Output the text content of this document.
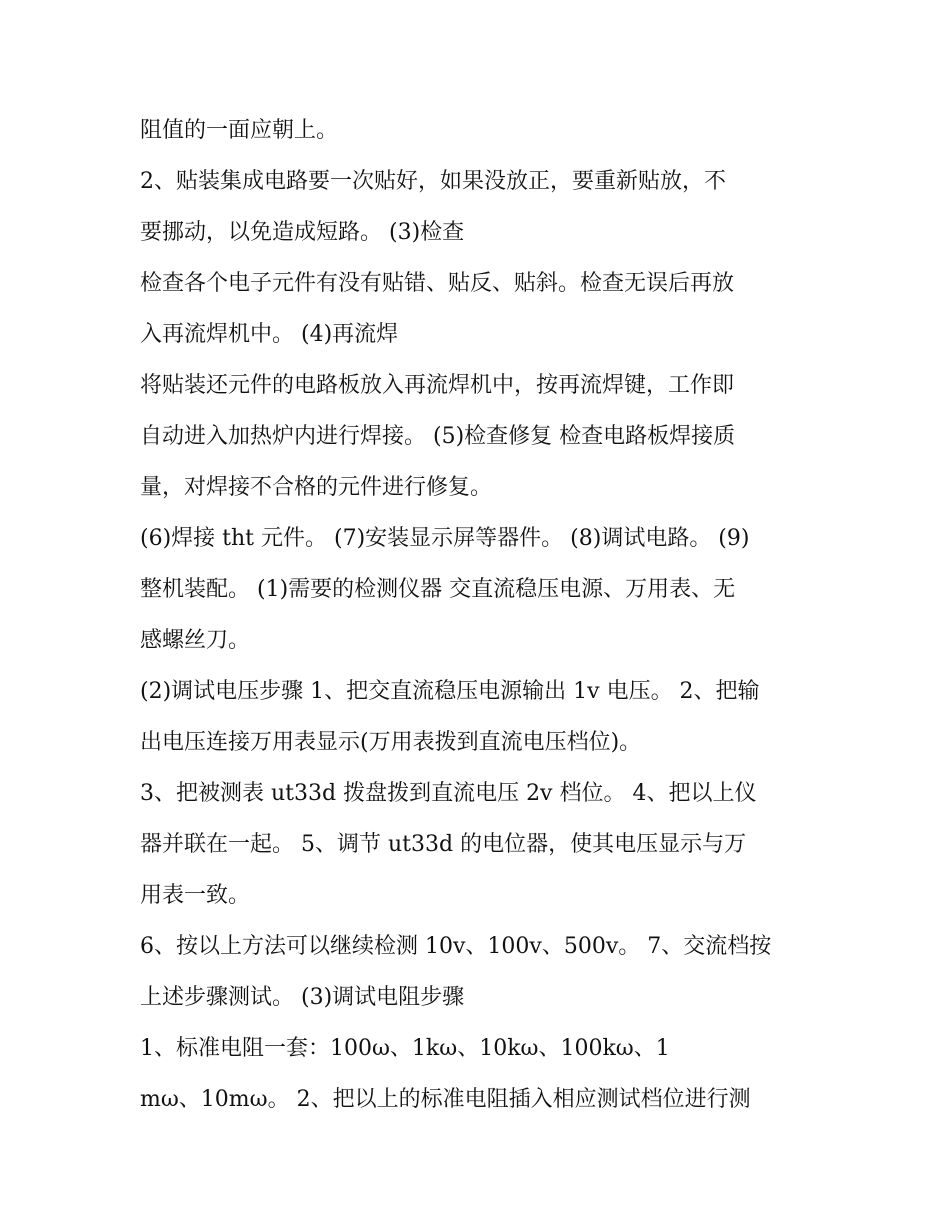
阻值的一面应朝上。
2、贴装集成电路要一次贴好，如果没放正，要重新贴放，不
要挪动，以免造成短路。 (3)检查
检查各个电子元件有没有贴错、贴反、贴斜。检查无误后再放
入再流焊机中。 (4)再流焊
将贴装还元件的电路板放入再流焊机中，按再流焊键，工作即
自动进入加热炉内进行焊接。 (5)检查修复 检查电路板焊接质
量，对焊接不合格的元件进行修复。
(6)焊接 tht 元件。 (7)安装显示屏等器件。 (8)调试电路。 (9)
整机装配。 (1)需要的检测仪器 交直流稳压电源、万用表、无
感螺丝刀。
(2)调试电压步骤 1、把交直流稳压电源输出 1v 电压。 2、把输
出电压连接万用表显示(万用表拨到直流电压档位)。
3、把被测表 ut33d 拨盘拨到直流电压 2v 档位。 4、把以上仪
器并联在一起。 5、调节 ut33d 的电位器，使其电压显示与万
用表一致。
6、按以上方法可以继续检测 10v、100v、500v。 7、交流档按
上述步骤测试。 (3)调试电阻步骤
1、标准电阻一套：100ω、1kω、10kω、100kω、1
mω、10mω。 2、把以上的标准电阻插入相应测试档位进行测
